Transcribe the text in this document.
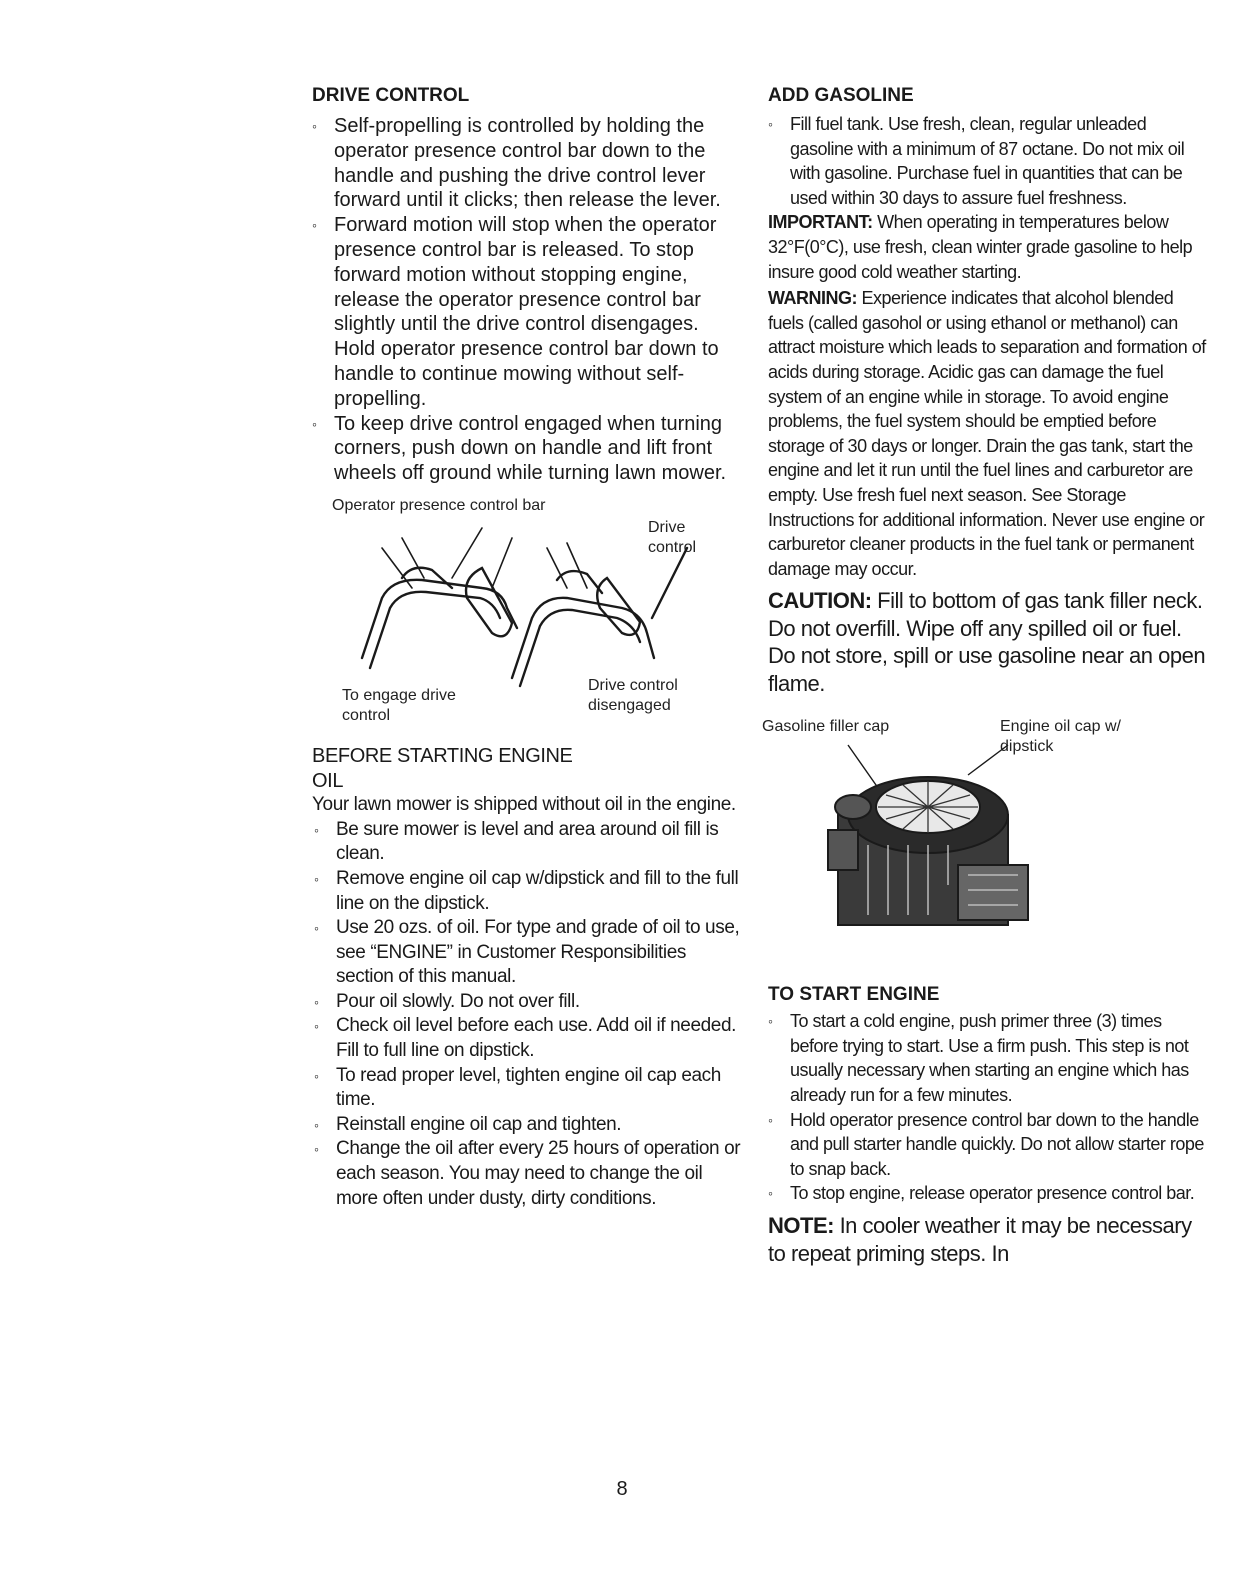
DRIVE CONTROL
◦ Self-propelling is controlled by holding the operator presence control bar down to the handle and pushing the drive control lever forward until it clicks; then release the lever.
◦ Forward motion will stop when the operator presence control bar is released. To stop forward motion without stopping engine, release the operator presence control bar slightly until the drive control disengages. Hold operator presence control bar down to handle to continue mowing without self-propelling.
◦ To keep drive control engaged when turning corners, push down on handle and lift front wheels off ground while turning lawn mower.
Operator presence control bar
Drive control
To engage drive control
Drive control disengaged
BEFORE STARTING ENGINE
OIL

Your lawn mower is shipped without oil in the engine.

◦ Be sure mower is level and area around oil fill is clean.
◦ Remove engine oil cap w/dipstick and fill to the full line on the dipstick.
◦ Use 20 ozs. of oil. For type and grade of oil to use, see “ENGINE” in Customer Responsibilities section of this manual.
◦ Pour oil slowly. Do not over fill.
◦ Check oil level before each use. Add oil if needed. Fill to full line on dipstick.
◦ To read proper level, tighten engine oil cap each time.
◦ Reinstall engine oil cap and tighten.
◦ Change the oil after every 25 hours of operation or each season. You may need to change the oil more often under dusty, dirty conditions.
ADD GASOLINE
◦ Fill fuel tank. Use fresh, clean, regular unleaded gasoline with a minimum of 87 octane. Do not mix oil with gasoline. Purchase fuel in quantities that can be used within 30 days to assure fuel freshness.

IMPORTANT: When operating in temperatures below 32°F(0°C), use fresh, clean winter grade gasoline to help insure good cold weather starting.

WARNING: Experience indicates that alcohol blended fuels (called gasohol or using ethanol or methanol) can attract moisture which leads to separation and formation of acids during storage. Acidic gas can damage the fuel system of an engine while in storage. To avoid engine problems, the fuel system should be emptied before storage of 30 days or longer. Drain the gas tank, start the engine and let it run until the fuel lines and carburetor are empty. Use fresh fuel next season. See Storage Instructions for additional information. Never use engine or carburetor cleaner products in the fuel tank or permanent damage may occur.

CAUTION: Fill to bottom of gas tank filler neck. Do not overfill. Wipe off any spilled oil or fuel. Do not store, spill or use gasoline near an open flame.

Gasoline filler cap	Engine oil cap w/ dipstick
TO START ENGINE
◦ To start a cold engine, push primer three (3) times before trying to start. Use a firm push. This step is not usually necessary when starting an engine which has already run for a few minutes.
◦ Hold operator presence control bar down to the handle and pull starter handle quickly. Do not allow starter rope to snap back.
◦ To stop engine, release operator presence control bar.

NOTE: In cooler weather it may be necessary to repeat priming steps. In

8
